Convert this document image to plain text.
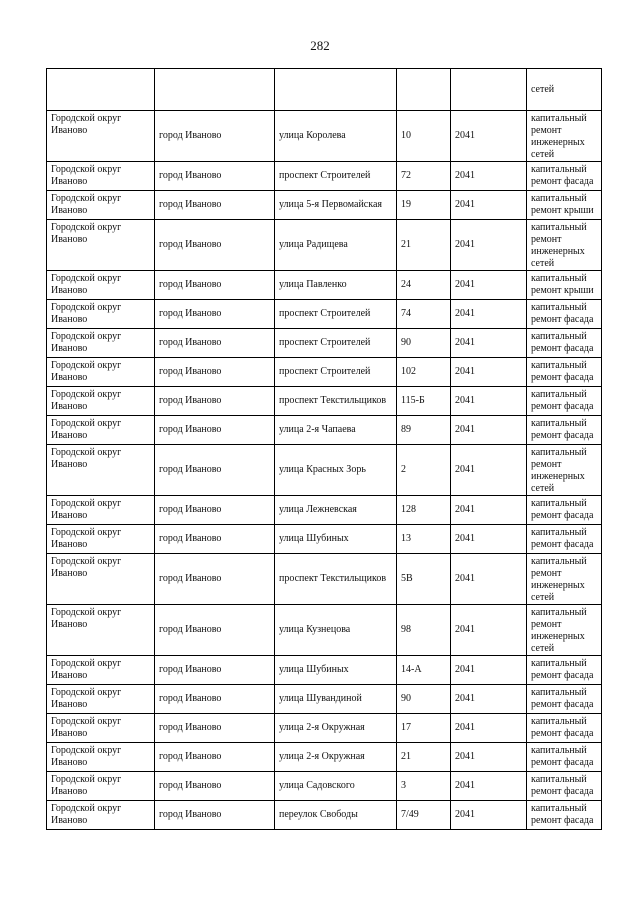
282
					сетей
Городской округ Иваново	город Иваново	улица Королева	10	2041	капитальный ремонт инженерных сетей
Городской округ Иваново	город Иваново	проспект Строителей	72	2041	капитальный ремонт фасада
Городской округ Иваново	город Иваново	улица 5-я Первомайская	19	2041	капитальный ремонт крыши
Городской округ Иваново	город Иваново	улица Радищева	21	2041	капитальный ремонт инженерных сетей
Городской округ Иваново	город Иваново	улица Павленко	24	2041	капитальный ремонт крыши
Городской округ Иваново	город Иваново	проспект Строителей	74	2041	капитальный ремонт фасада
Городской округ Иваново	город Иваново	проспект Строителей	90	2041	капитальный ремонт фасада
Городской округ Иваново	город Иваново	проспект Строителей	102	2041	капитальный ремонт фасада
Городской округ Иваново	город Иваново	проспект Текстильщиков	115-Б	2041	капитальный ремонт фасада
Городской округ Иваново	город Иваново	улица 2-я Чапаева	89	2041	капитальный ремонт фасада
Городской округ Иваново	город Иваново	улица Красных Зорь	2	2041	капитальный ремонт инженерных сетей
Городской округ Иваново	город Иваново	улица Лежневская	128	2041	капитальный ремонт фасада
Городской округ Иваново	город Иваново	улица Шубиных	13	2041	капитальный ремонт фасада
Городской округ Иваново	город Иваново	проспект Текстильщиков	5В	2041	капитальный ремонт инженерных сетей
Городской округ Иваново	город Иваново	улица Кузнецова	98	2041	капитальный ремонт инженерных сетей
Городской округ Иваново	город Иваново	улица Шубиных	14-А	2041	капитальный ремонт фасада
Городской округ Иваново	город Иваново	улица Шувандиной	90	2041	капитальный ремонт фасада
Городской округ Иваново	город Иваново	улица 2-я Окружная	17	2041	капитальный ремонт фасада
Городской округ Иваново	город Иваново	улица 2-я Окружная	21	2041	капитальный ремонт фасада
Городской округ Иваново	город Иваново	улица Садовского	3	2041	капитальный ремонт фасада
Городской округ Иваново	город Иваново	переулок Свободы	7/49	2041	капитальный ремонт фасада
